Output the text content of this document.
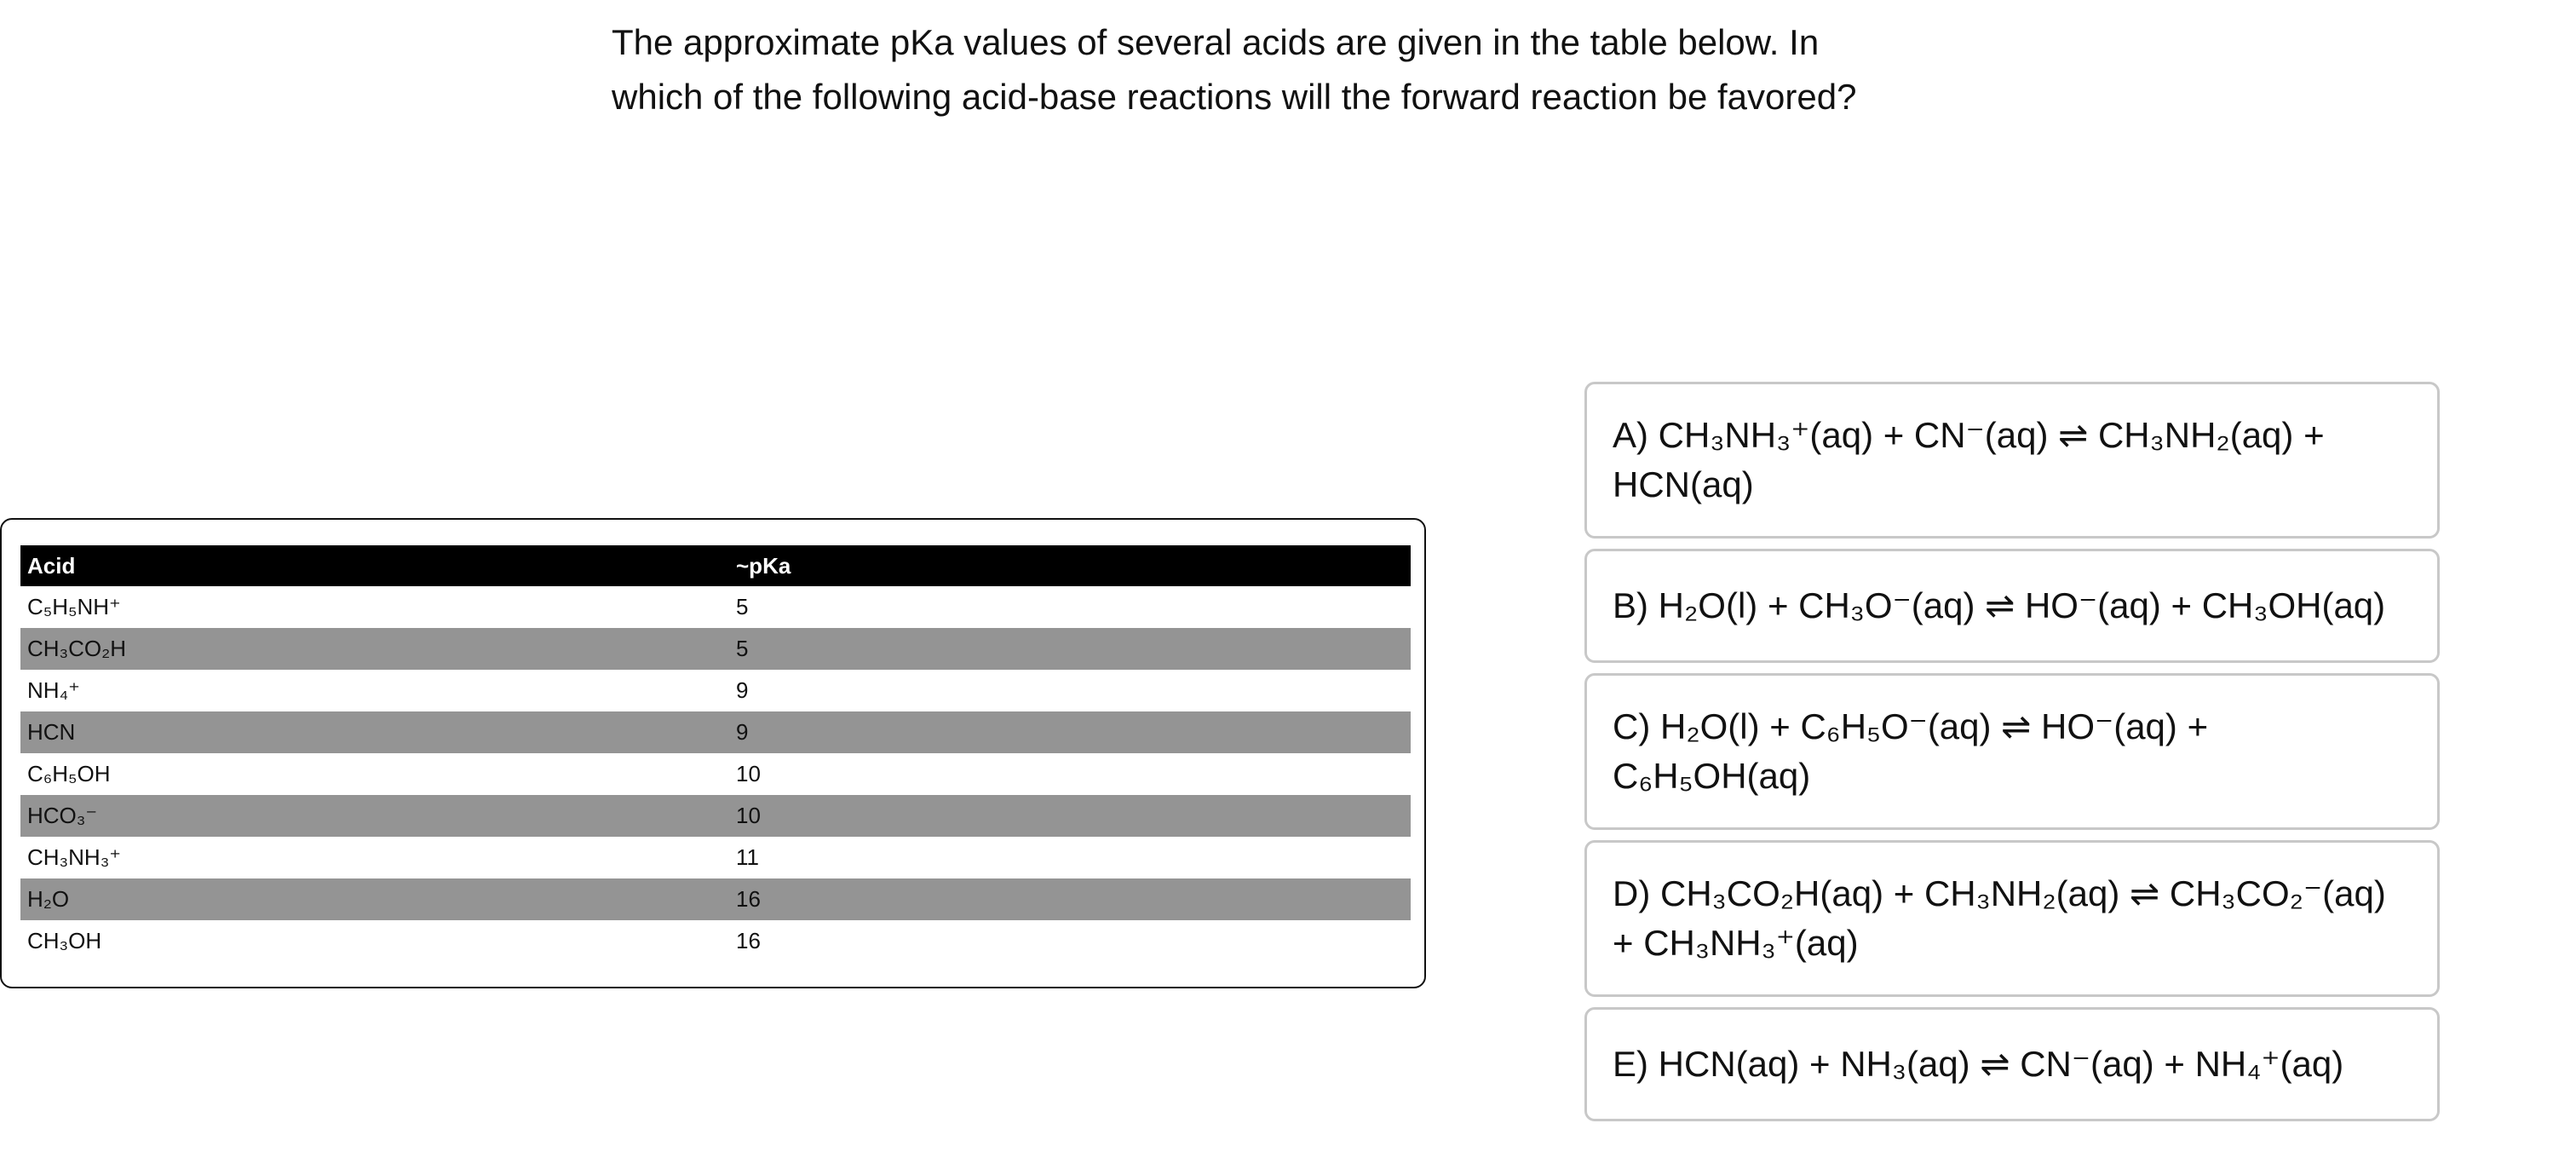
The approximate pKa values of several acids are given in the table below. In
which of the following acid-base reactions will the forward reaction be favored?
Acid	~pKa
C₅H₅NH⁺	5
CH₃CO₂H	5
NH₄⁺	9
HCN	9
C₆H₅OH	10
HCO₃⁻	10
CH₃NH₃⁺	11
H₂O	16
CH₃OH	16
A) CH₃NH₃⁺(aq) + CN⁻(aq) ⇌ CH₃NH₂(aq) + HCN(aq)
B) H₂O(l) + CH₃O⁻(aq) ⇌ HO⁻(aq) + CH₃OH(aq)
C) H₂O(l) + C₆H₅O⁻(aq) ⇌ HO⁻(aq) + C₆H₅OH(aq)
D) CH₃CO₂H(aq) + CH₃NH₂(aq) ⇌ CH₃CO₂⁻(aq) + CH₃NH₃⁺(aq)
E) HCN(aq) + NH₃(aq) ⇌ CN⁻(aq) + NH₄⁺(aq)
